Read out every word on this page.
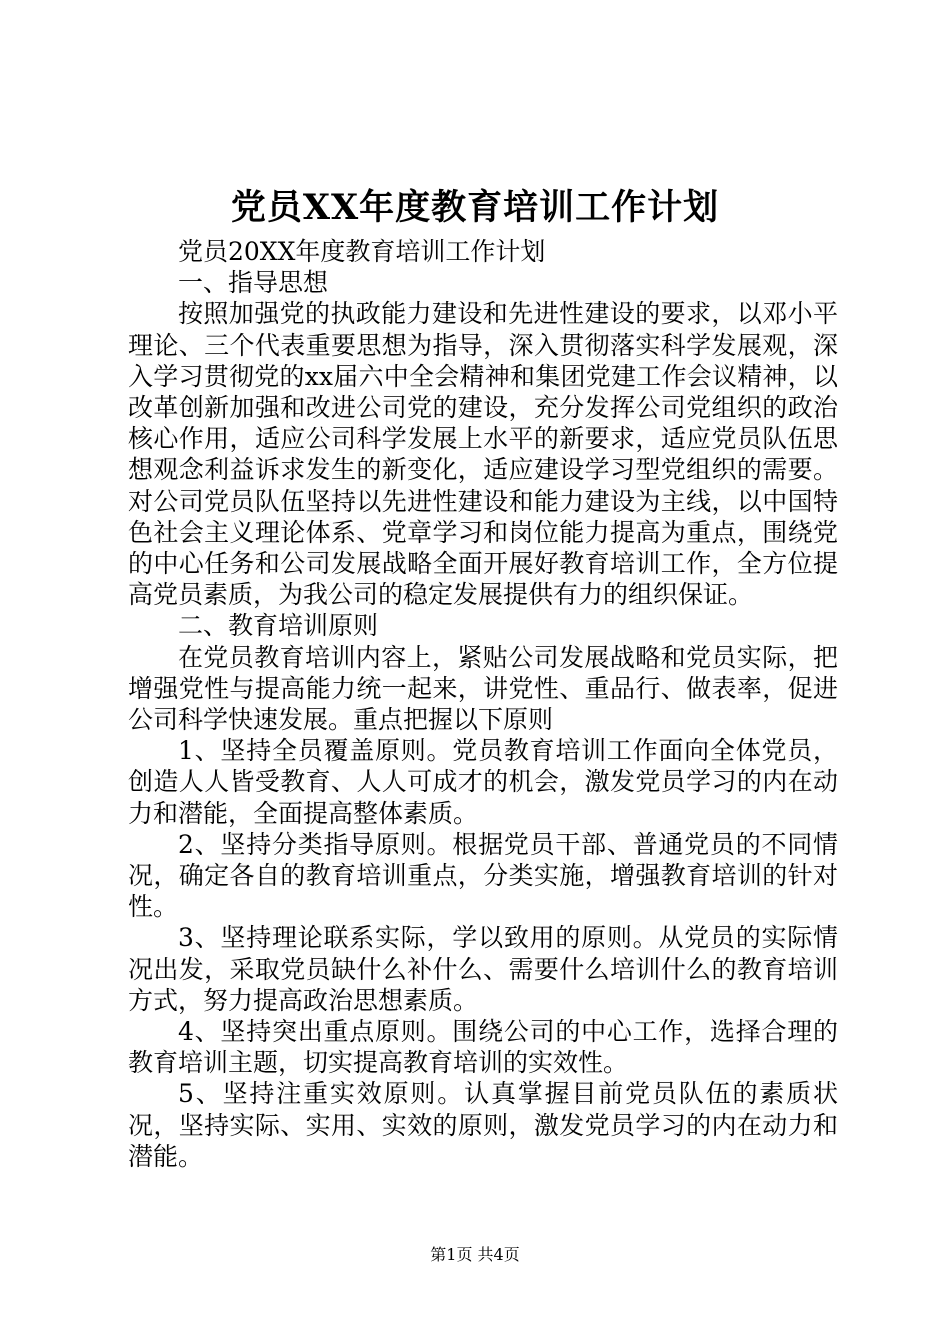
党员XX年度教育培训工作计划

党员20XX年度教育培训工作计划

一、指导思想

按照加强党的执政能力建设和先进性建设的要求，以邓小平理论、三个代表重要思想为指导，深入贯彻落实科学发展观，深入学习贯彻党的xx届六中全会精神和集团党建工作会议精神，以改革创新加强和改进公司党的建设，充分发挥公司党组织的政治核心作用，适应公司科学发展上水平的新要求，适应党员队伍思想观念利益诉求发生的新变化，适应建设学习型党组织的需要。对公司党员队伍坚持以先进性建设和能力建设为主线，以中国特色社会主义理论体系、党章学习和岗位能力提高为重点，围绕党的中心任务和公司发展战略全面开展好教育培训工作，全方位提高党员素质，为我公司的稳定发展提供有力的组织保证。

二、教育培训原则

在党员教育培训内容上，紧贴公司发展战略和党员实际，把增强党性与提高能力统一起来，讲党性、重品行、做表率，促进公司科学快速发展。重点把握以下原则

1、坚持全员覆盖原则。党员教育培训工作面向全体党员，创造人人皆受教育、人人可成才的机会，激发党员学习的内在动力和潜能，全面提高整体素质。

2、坚持分类指导原则。根据党员干部、普通党员的不同情况，确定各自的教育培训重点，分类实施，增强教育培训的针对性。

3、坚持理论联系实际，学以致用的原则。从党员的实际情况出发，采取党员缺什么补什么、需要什么培训什么的教育培训方式，努力提高政治思想素质。

4、坚持突出重点原则。围绕公司的中心工作，选择合理的教育培训主题，切实提高教育培训的实效性。

5、坚持注重实效原则。认真掌握目前党员队伍的素质状况，坚持实际、实用、实效的原则，激发党员学习的内在动力和潜能。

第1页 共4页
